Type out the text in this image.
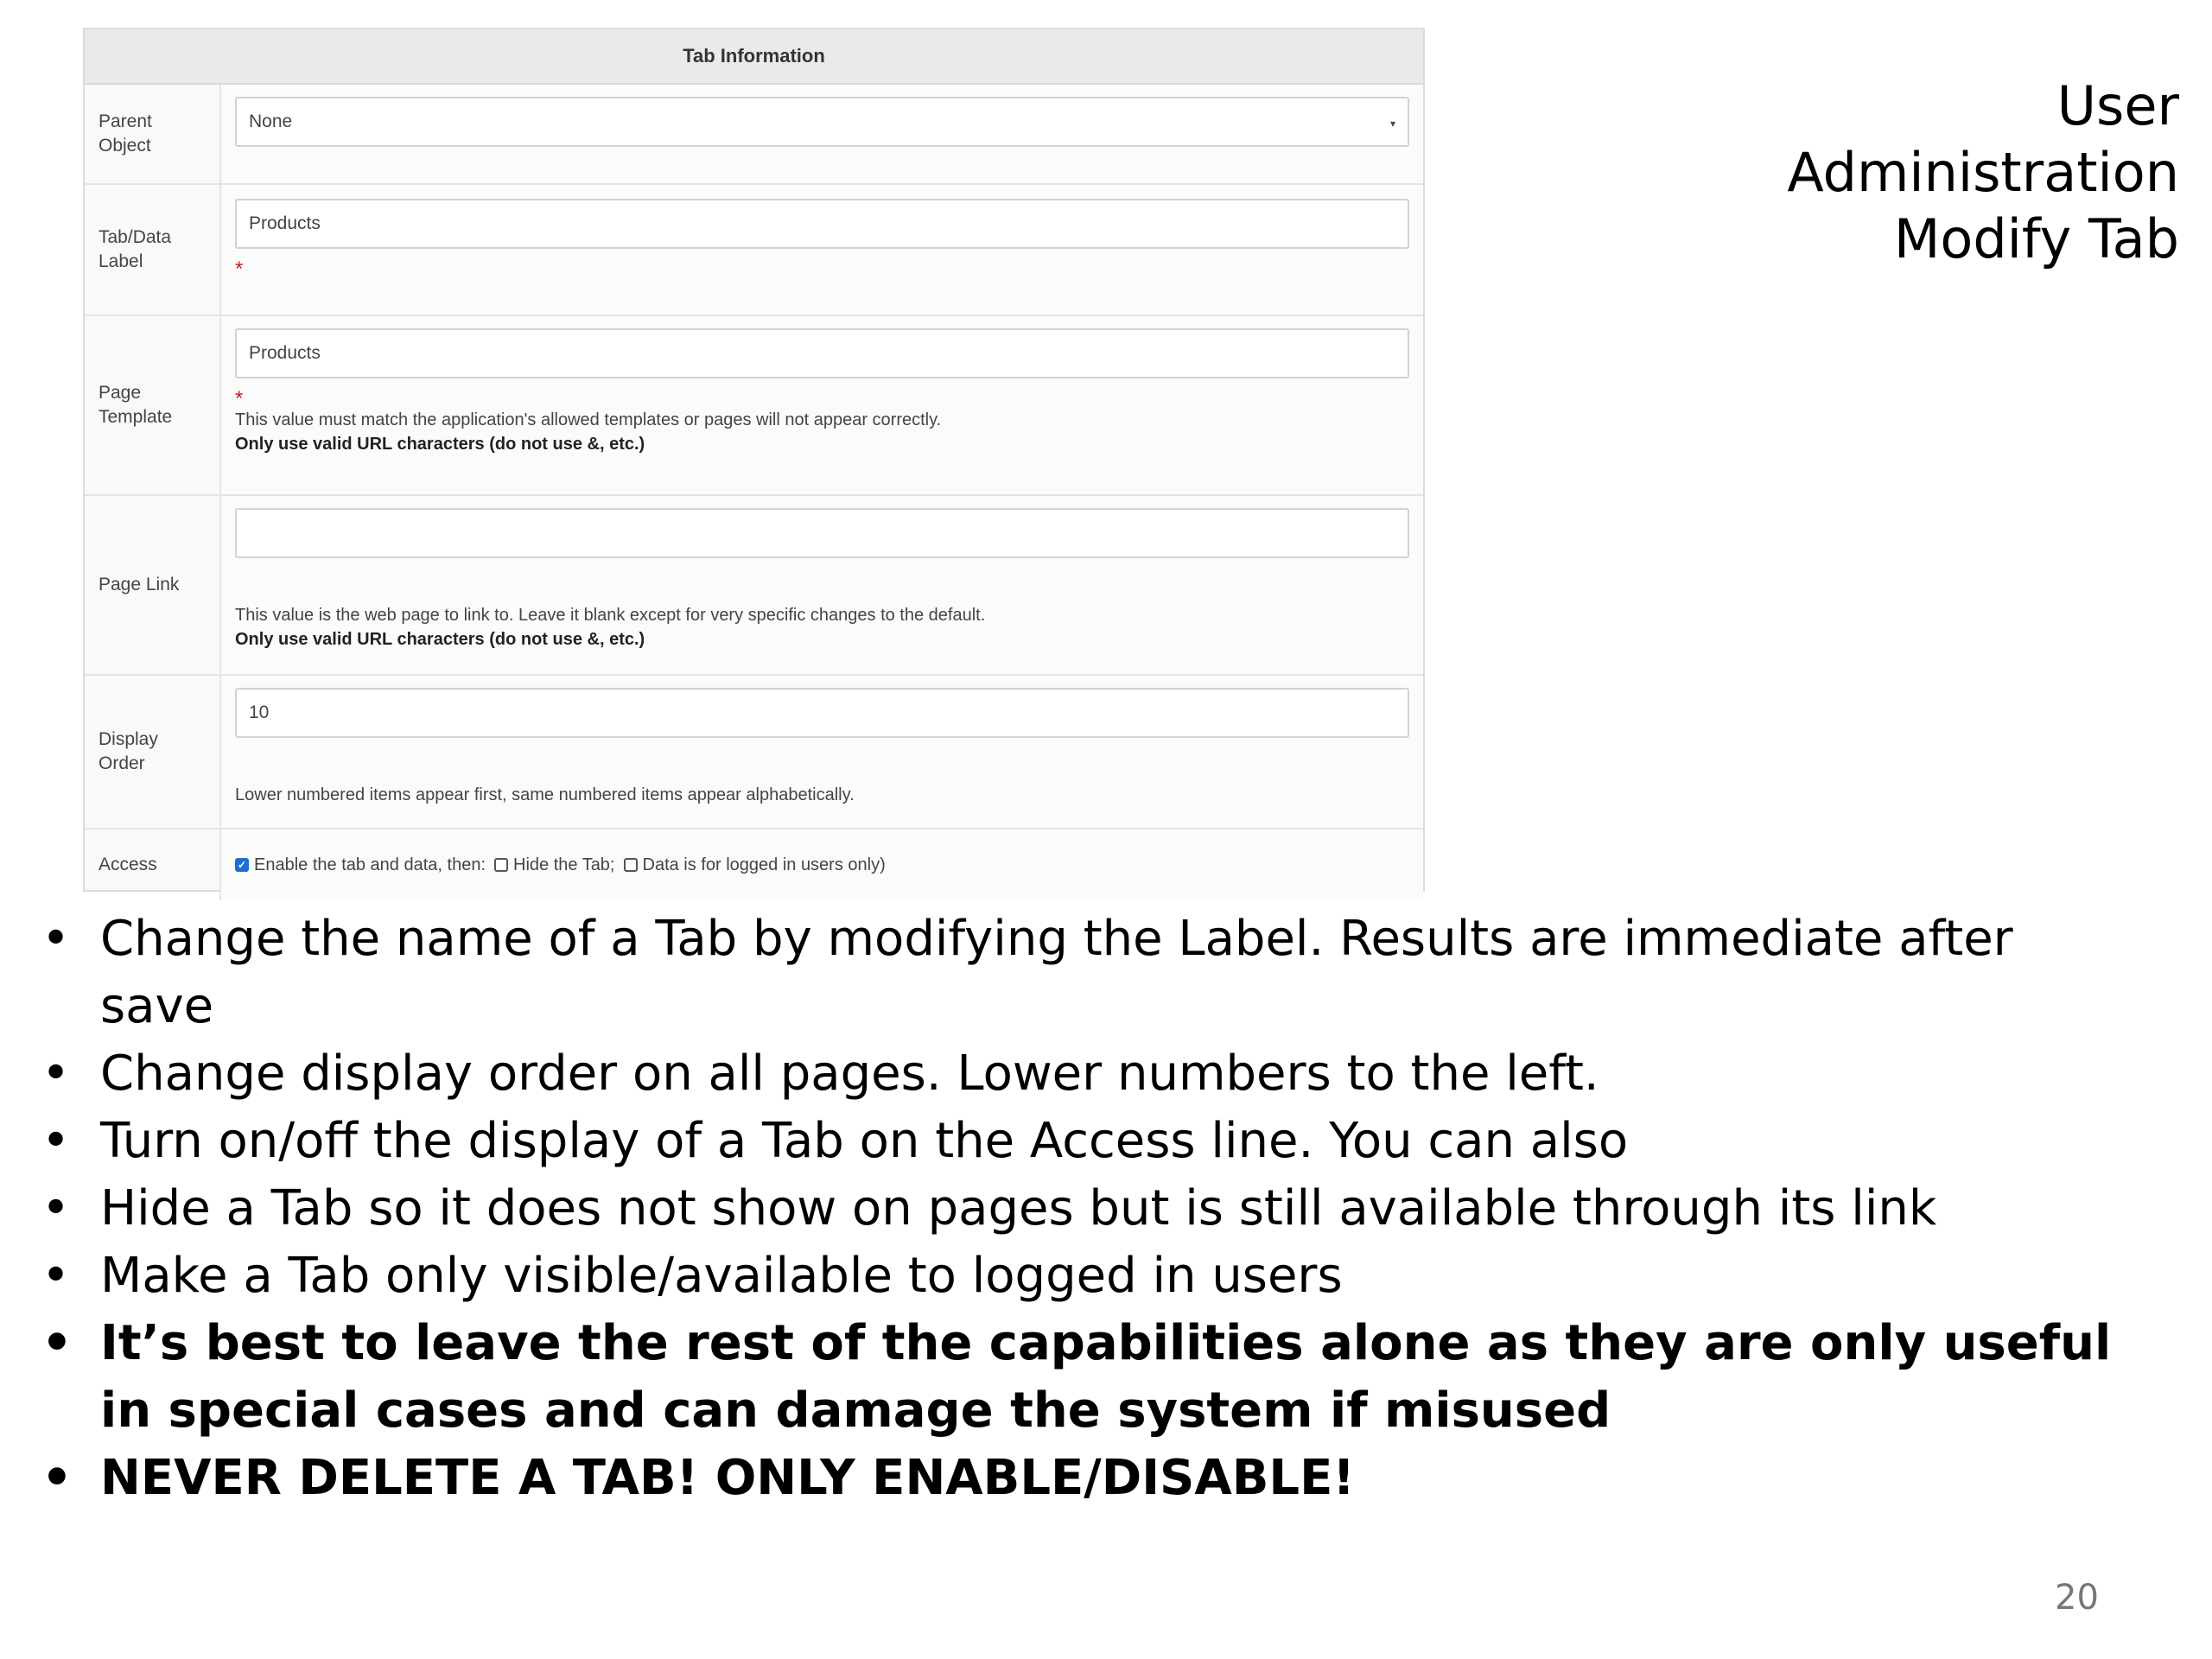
Tab Information
Parent
Object
None	▾
Tab/Data
Label
Products
*
Page
Template
Products
*
This value must match the application's allowed templates or pages will not appear correctly.
Only use valid URL characters (do not use &, etc.)
Page Link
This value is the web page to link to. Leave it blank except for very specific changes to the default.
Only use valid URL characters (do not use &, etc.)
Display
Order
10
Lower numbered items appear first, same numbered items appear alphabetically.
Access
✓	Enable the tab and data, then: Hide the Tab; Data is for logged in users only)
User
Administration
Modify Tab
• Change the name of a Tab by modifying the Label. Results are immediate after save
• Change display order on all pages. Lower numbers to the left.
• Turn on/off the display of a Tab on the Access line. You can also
• Hide a Tab so it does not show on pages but is still available through its link
• Make a Tab only visible/available to logged in users
• It’s best to leave the rest of the capabilities alone as they are only useful in special cases and can damage the system if misused
• NEVER DELETE A TAB! ONLY ENABLE/DISABLE!
20
